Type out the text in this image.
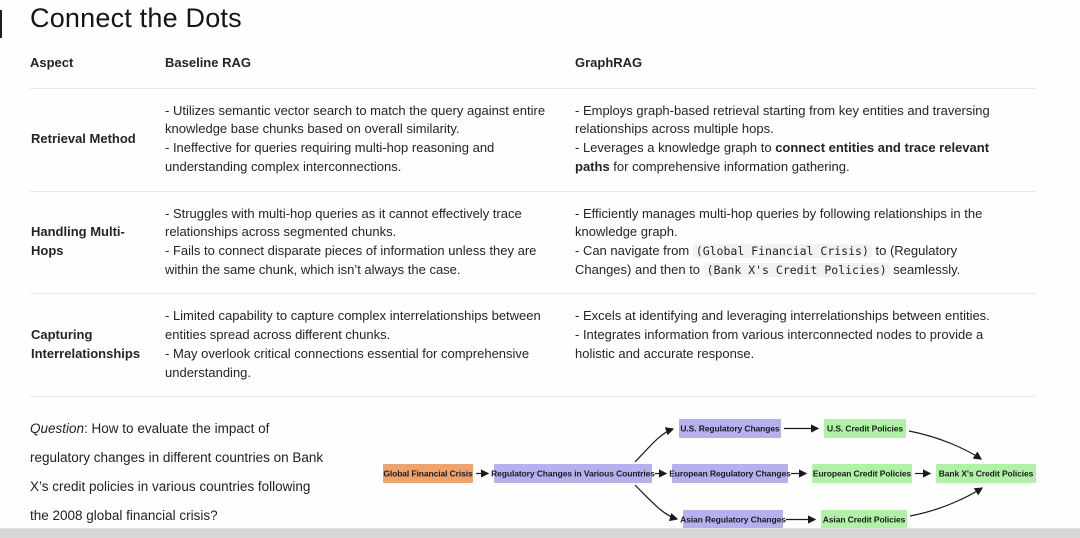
Connect the Dots
Aspect	Baseline RAG	GraphRAG
Retrieval Method
- Utilizes semantic vector search to match the query against entire knowledge base chunks based on overall similarity.
- Ineffective for queries requiring multi-hop reasoning and understanding complex interconnections.
- Employs graph-based retrieval starting from key entities and traversing relationships across multiple hops.
- Leverages a knowledge graph to connect entities and trace relevant paths for comprehensive information gathering.
Handling Multi-Hops
- Struggles with multi-hop queries as it cannot effectively trace relationships across segmented chunks.
- Fails to connect disparate pieces of information unless they are within the same chunk, which isn’t always the case.
- Efficiently manages multi-hop queries by following relationships in the knowledge graph.
- Can navigate from (Global Financial Crisis) to (Regulatory Changes) and then to (Bank X's Credit Policies) seamlessly.
Capturing Interrelationships
- Limited capability to capture complex interrelationships between entities spread across different chunks.
- May overlook critical connections essential for comprehensive understanding.
- Excels at identifying and leveraging interrelationships between entities.
- Integrates information from various interconnected nodes to provide a holistic and accurate response.
Question: How to evaluate the impact of
regulatory changes in different countries on Bank
X’s credit policies in various countries following
the 2008 global financial crisis?
Global Financial Crisis Regulatory Changes in Various Countries
U.S. Regulatory Changes
European Regulatory Changes
Asian Regulatory Changes
U.S. Credit Policies
European Credit Policies
Asian Credit Policies
Bank X's Credit Policies
